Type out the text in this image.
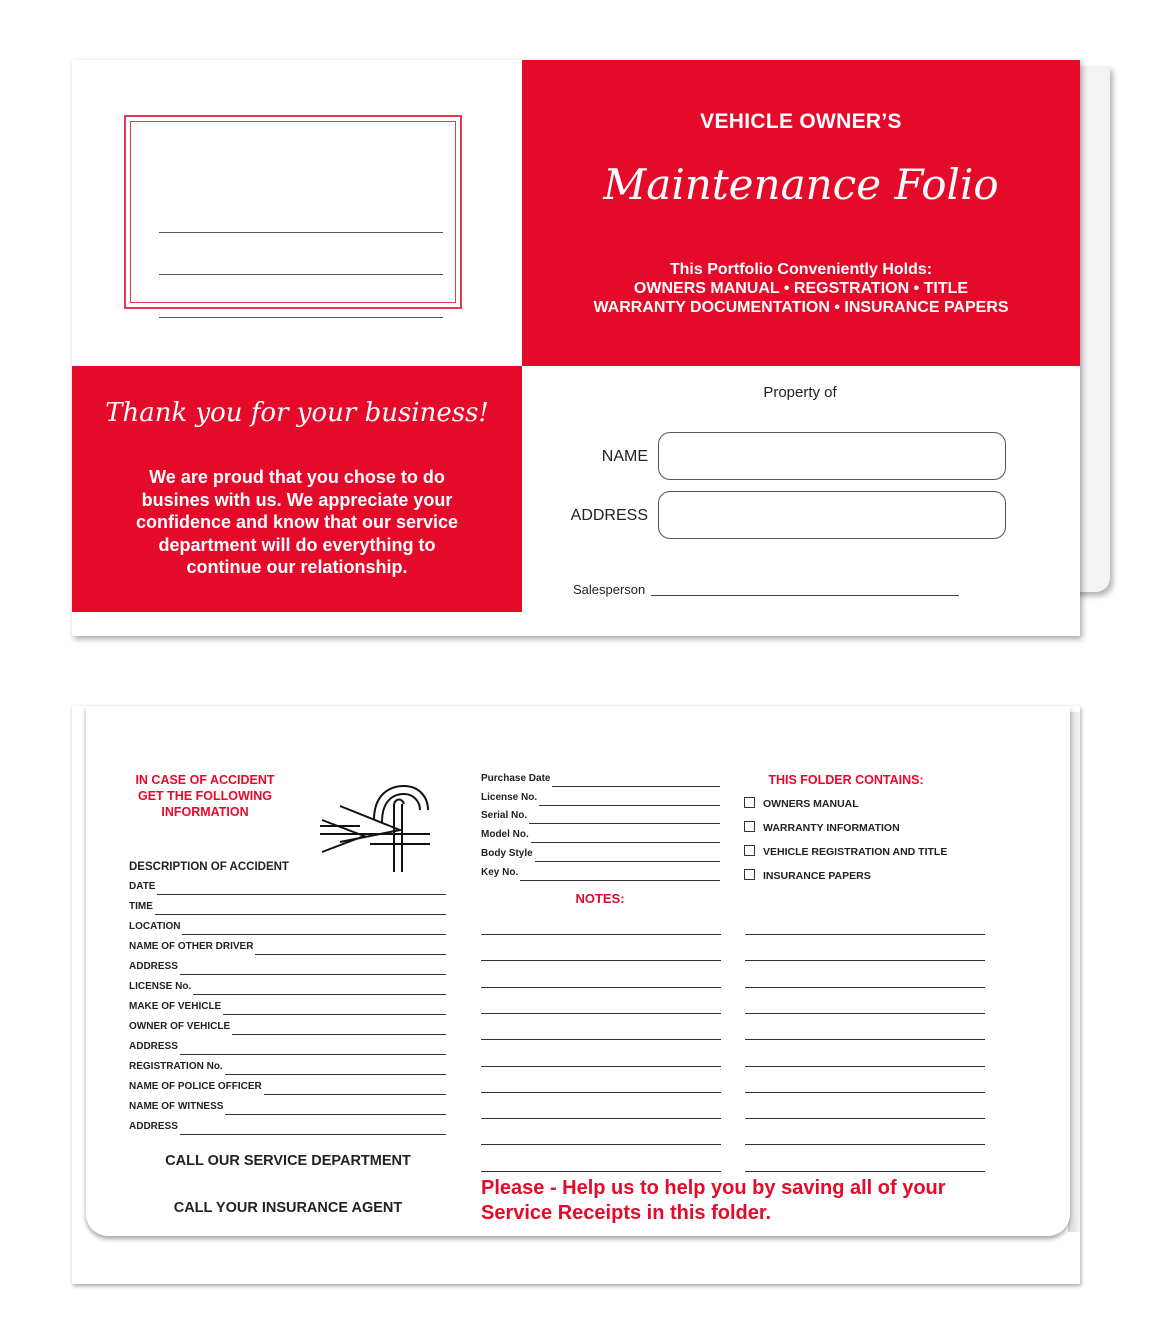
VEHICLE OWNER’S
Maintenance Folio
This Portfolio Conveniently Holds:
OWNERS MANUAL • REGSTRATION • TITLE
WARRANTY DOCUMENTATION • INSURANCE PAPERS
Thank you for your business!
We are proud that you chose to do
busines with us. We appreciate your
confidence and know that our service
department will do everything to
continue our relationship.
Property of
NAME
ADDRESS
Salesperson
IN CASE OF ACCIDENT
GET THE FOLLOWING
INFORMATION
DESCRIPTION OF ACCIDENT
DATE
TIME
LOCATION
NAME OF OTHER DRIVER
ADDRESS
LICENSE No.
MAKE OF VEHICLE
OWNER OF VEHICLE
ADDRESS
REGISTRATION No.
NAME OF POLICE OFFICER
NAME OF WITNESS
ADDRESS
CALL OUR SERVICE DEPARTMENT
CALL YOUR INSURANCE AGENT
Purchase Date
License No.
Serial No.
Model No.
Body Style
Key No.
NOTES:
THIS FOLDER CONTAINS:
OWNERS MANUAL
WARRANTY INFORMATION
VEHICLE REGISTRATION AND TITLE
INSURANCE PAPERS
Please - Help us to help you by saving all of your
Service Receipts in this folder.
